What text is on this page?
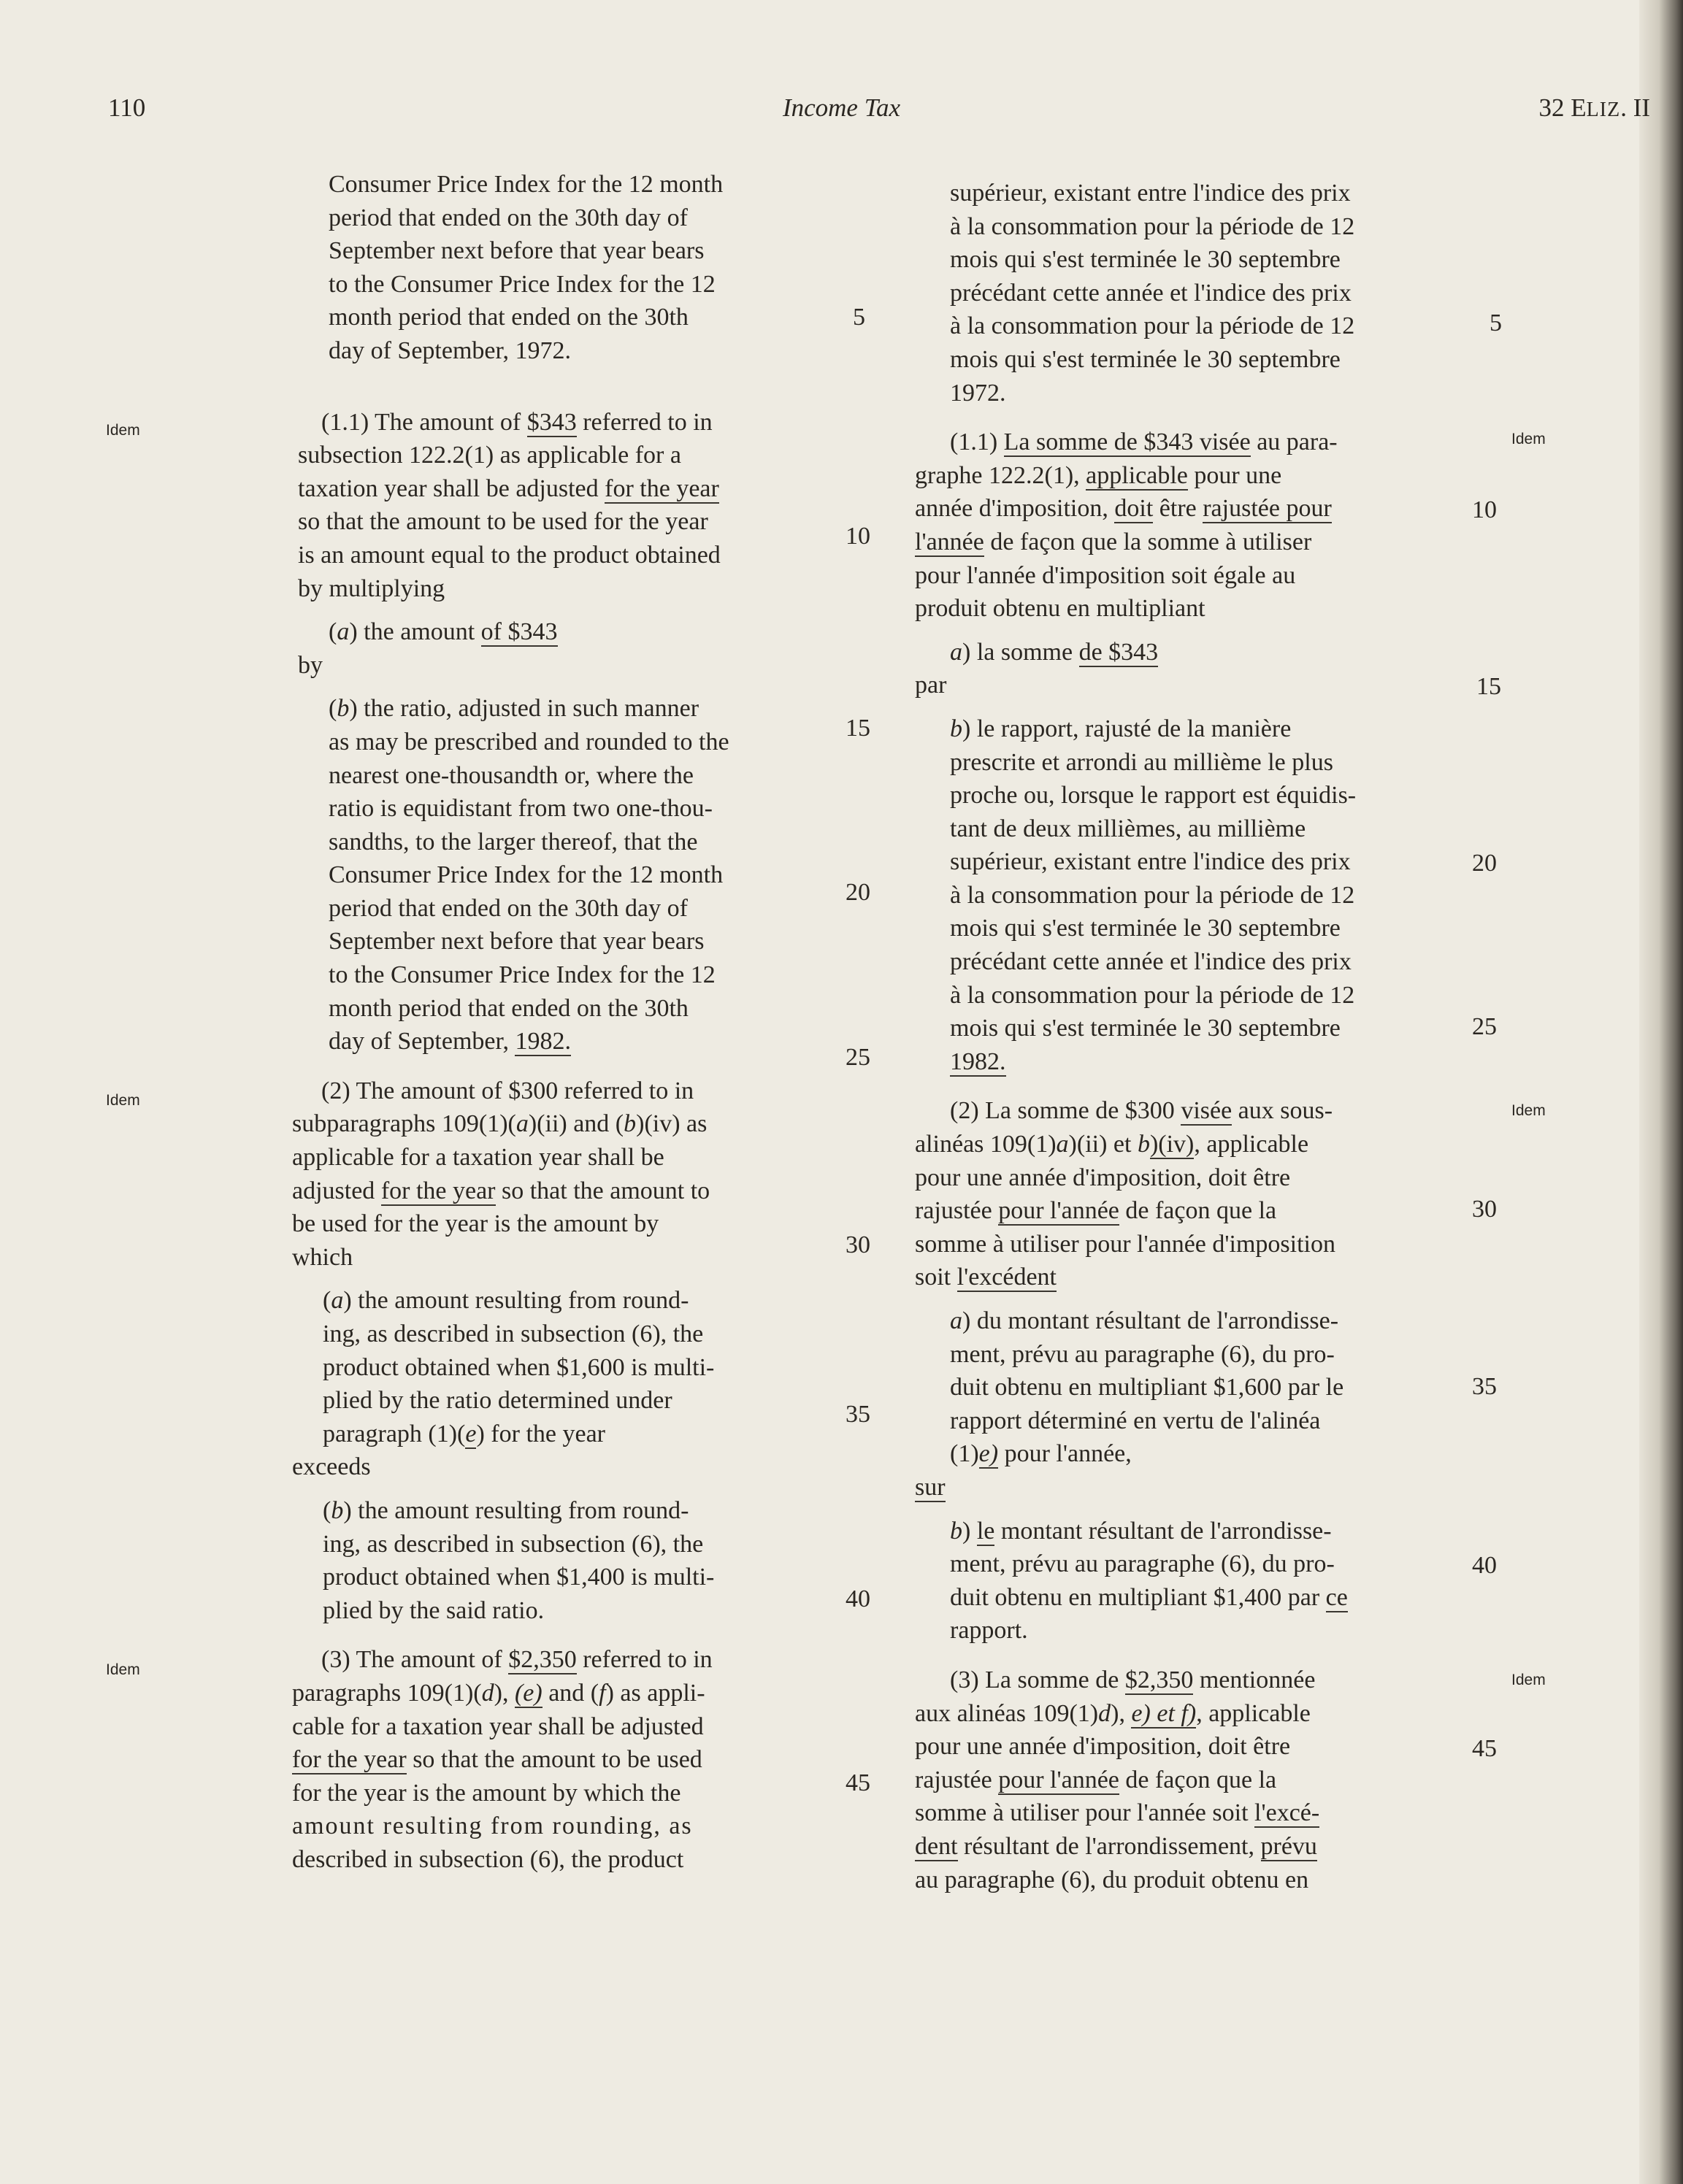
110	Income Tax	32 ELIZ. II
Idem
Idem
Idem
Idem
Idem
Idem
5
10
15
20
25
30
35
40
45
5
10
15
20
25
30
35
40
45
Consumer Price Index for the 12 month
period that ended on the 30th day of
September next before that year bears
to the Consumer Price Index for the 12
month period that ended on the 30th
day of September, 1972.
(1.1) The amount of $343 referred to in
subsection 122.2(1) as applicable for a
taxation year shall be adjusted for the year
so that the amount to be used for the year
is an amount equal to the product obtained
by multiplying
(a) the amount of $343
by
(b) the ratio, adjusted in such manner
as may be prescribed and rounded to the
nearest one-thousandth or, where the
ratio is equidistant from two one-thou-
sandths, to the larger thereof, that the
Consumer Price Index for the 12 month
period that ended on the 30th day of
September next before that year bears
to the Consumer Price Index for the 12
month period that ended on the 30th
day of September, 1982.
(2) The amount of $300 referred to in
subparagraphs 109(1)(a)(ii) and (b)(iv) as
applicable for a taxation year shall be
adjusted for the year so that the amount to
be used for the year is the amount by
which
(a) the amount resulting from round-
ing, as described in subsection (6), the
product obtained when $1,600 is multi-
plied by the ratio determined under
paragraph (1)(e) for the year
exceeds
(b) the amount resulting from round-
ing, as described in subsection (6), the
product obtained when $1,400 is multi-
plied by the said ratio.
(3) The amount of $2,350 referred to in
paragraphs 109(1)(d), (e) and (f) as appli-
cable for a taxation year shall be adjusted
for the year so that the amount to be used
for the year is the amount by which the
amount resulting from rounding, as
described in subsection (6), the product
supérieur, existant entre l'indice des prix
à la consommation pour la période de 12
mois qui s'est terminée le 30 septembre
précédant cette année et l'indice des prix
à la consommation pour la période de 12
mois qui s'est terminée le 30 septembre
1972.
(1.1) La somme de $343 visée au para-
graphe 122.2(1), applicable pour une
année d'imposition, doit être rajustée pour
l'année de façon que la somme à utiliser
pour l'année d'imposition soit égale au
produit obtenu en multipliant
a) la somme de $343
par
b) le rapport, rajusté de la manière
prescrite et arrondi au millième le plus
proche ou, lorsque le rapport est équidis-
tant de deux millièmes, au millième
supérieur, existant entre l'indice des prix
à la consommation pour la période de 12
mois qui s'est terminée le 30 septembre
précédant cette année et l'indice des prix
à la consommation pour la période de 12
mois qui s'est terminée le 30 septembre
1982.
(2) La somme de $300 visée aux sous-
alinéas 109(1)a)(ii) et b)(iv), applicable
pour une année d'imposition, doit être
rajustée pour l'année de façon que la
somme à utiliser pour l'année d'imposition
soit l'excédent
a) du montant résultant de l'arrondisse-
ment, prévu au paragraphe (6), du pro-
duit obtenu en multipliant $1,600 par le
rapport déterminé en vertu de l'alinéa
(1)e) pour l'année,
sur
b) le montant résultant de l'arrondisse-
ment, prévu au paragraphe (6), du pro-
duit obtenu en multipliant $1,400 par ce
rapport.
(3) La somme de $2,350 mentionnée
aux alinéas 109(1)d), e) et f), applicable
pour une année d'imposition, doit être
rajustée pour l'année de façon que la
somme à utiliser pour l'année soit l'excé-
dent résultant de l'arrondissement, prévu
au paragraphe (6), du produit obtenu en
